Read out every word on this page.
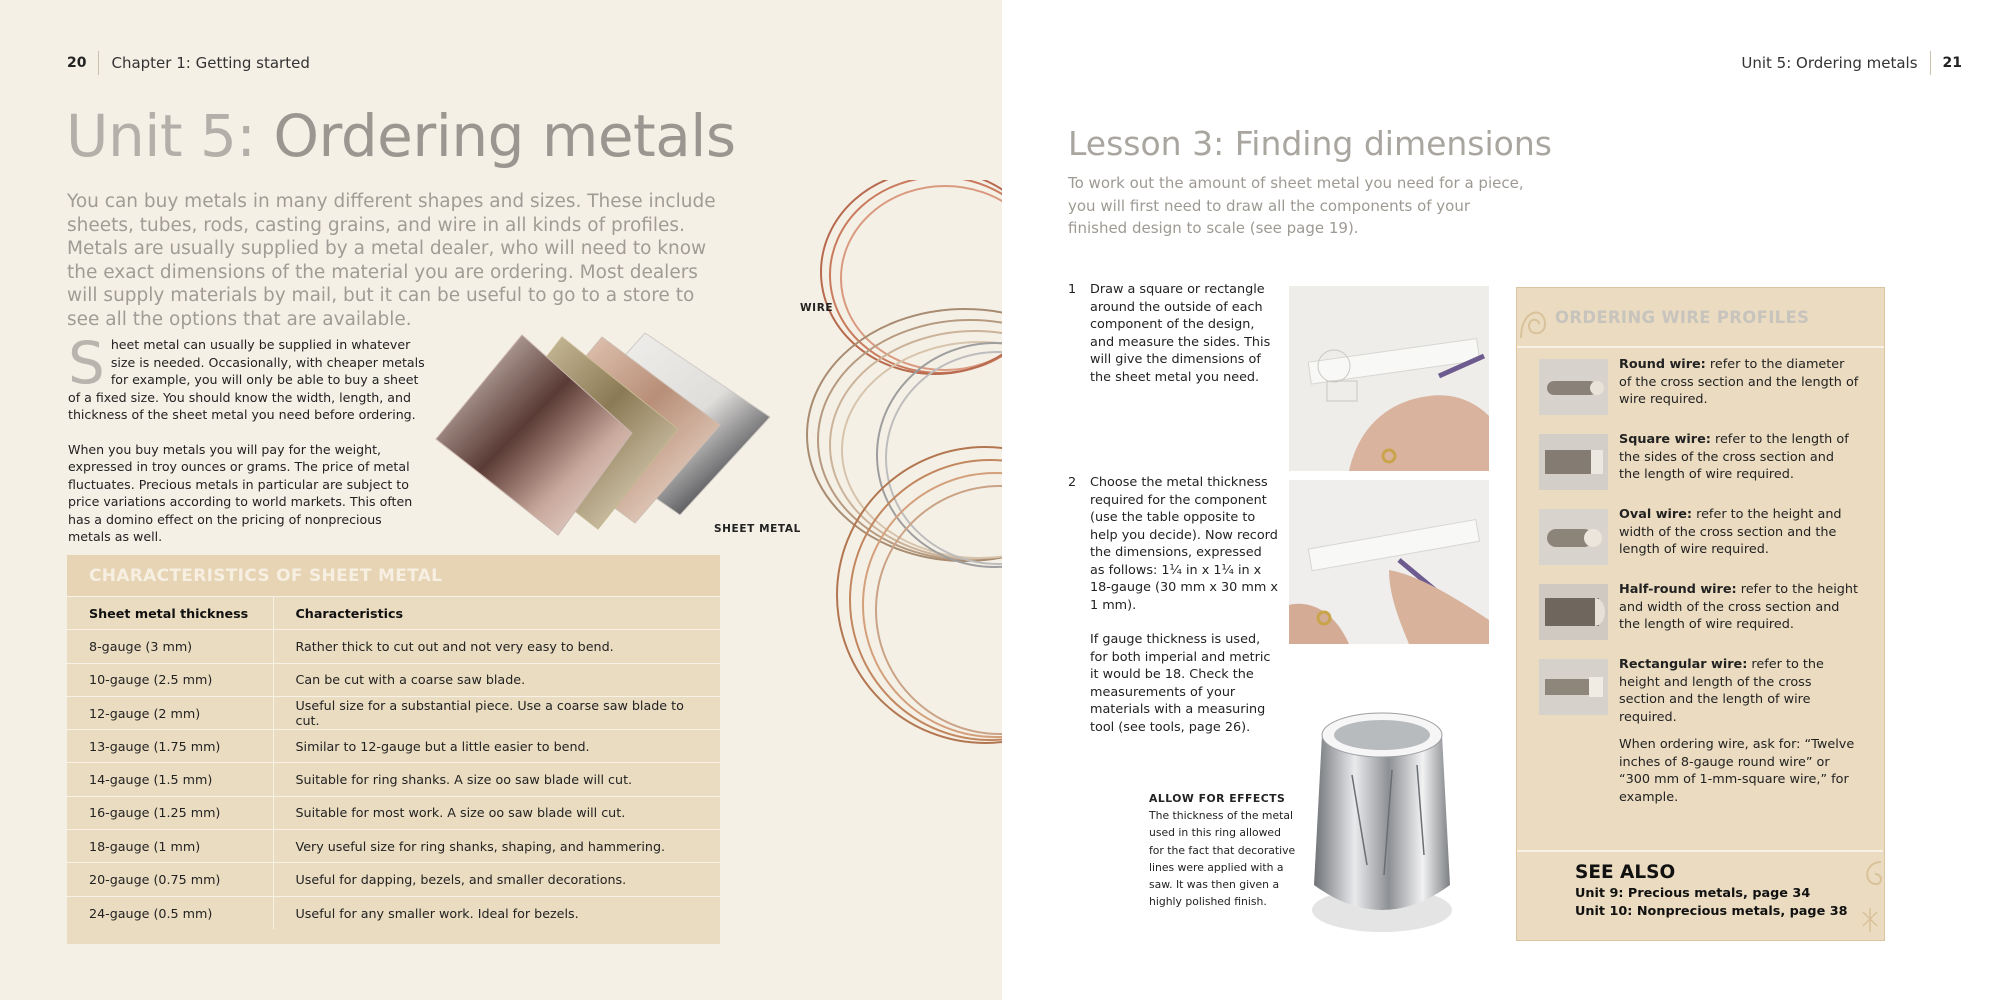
20 Chapter 1: Getting started
Unit 5: Ordering metals

You can buy metals in many different shapes and sizes. These include sheets, tubes, rods, casting grains, and wire in all kinds of profiles. Metals are usually supplied by a metal dealer, who will need to know the exact dimensions of the material you are ordering. Most dealers will supply materials by mail, but it can be useful to go to a store to see all the options that are available.

Sheet metal can usually be supplied in whatever size is needed. Occasionally, with cheaper metals for example, you will only be able to buy a sheet of a fixed size. You should know the width, length, and thickness of the sheet metal you need before ordering.

When you buy metals you will pay for the weight, expressed in troy ounces or grams. The price of metal fluctuates. Precious metals in particular are subject to price variations according to world markets. This often has a domino effect on the pricing of nonprecious metals as well.

WIRE
SHEET METAL
CHARACTERISTICS OF SHEET METAL
Sheet metal thickness	Characteristics
8-gauge (3 mm)	Rather thick to cut out and not very easy to bend.
10-gauge (2.5 mm)	Can be cut with a coarse saw blade.
12-gauge (2 mm)	Useful size for a substantial piece. Use a coarse saw blade to cut.
13-gauge (1.75 mm)	Similar to 12-gauge but a little easier to bend.
14-gauge (1.5 mm)	Suitable for ring shanks. A size oo saw blade will cut.
16-gauge (1.25 mm)	Suitable for most work. A size oo saw blade will cut.
18-gauge (1 mm)	Very useful size for ring shanks, shaping, and hammering.
20-gauge (0.75 mm)	Useful for dapping, bezels, and smaller decorations.
24-gauge (0.5 mm)	Useful for any smaller work. Ideal for bezels.
Unit 5: Ordering metals 21
Lesson 3: Finding dimensions

To work out the amount of sheet metal you need for a piece, you will first need to draw all the components of your finished design to scale (see page 19).

1	Draw a square or rectangle around the outside of each component of the design, and measure the sides. This will give the dimensions of the sheet metal you need.
2	Choose the metal thickness required for the component (use the table opposite to help you decide). Now record the dimensions, expressed as follows: 1¹⁄₄ in x 1¹⁄₄ in x 18-gauge (30 mm x 30 mm x 1 mm).

If gauge thickness is used, for both imperial and metric it would be 18. Check the measurements of your materials with a measuring tool (see tools, page 26).

ALLOW FOR EFFECTS
The thickness of the metal used in this ring allowed for the fact that decorative lines were applied with a saw. It was then given a highly polished finish.
ORDERING WIRE PROFILES
Round wire: refer to the diameter of the cross section and the length of wire required.
Square wire: refer to the length of the sides of the cross section and the length of wire required.
Oval wire: refer to the height and width of the cross section and the length of wire required.
Half-round wire: refer to the height and width of the cross section and the length of wire required.
Rectangular wire: refer to the height and length of the cross section and the length of wire required.
When ordering wire, ask for: “Twelve inches of 8-gauge round wire” or “300 mm of 1-mm-square wire,” for example.
SEE ALSO
Unit 9: Precious metals, page 34
Unit 10: Nonprecious metals, page 38
